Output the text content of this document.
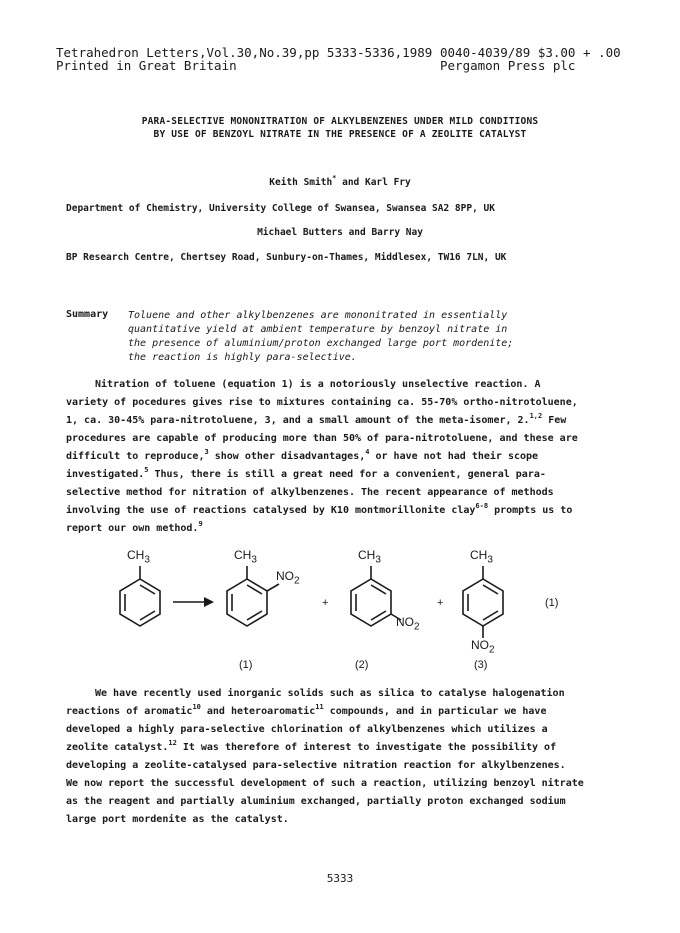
Tetrahedron Letters,Vol.30,No.39,pp 5333-5336,1989
Printed in Great Britain
0040-4039/89 $3.00 + .00
Pergamon Press plc
PARA-SELECTIVE MONONITRATION OF ALKYLBENZENES UNDER MILD CONDITIONS
BY USE OF BENZOYL NITRATE IN THE PRESENCE OF A ZEOLITE CATALYST
Keith Smith* and Karl Fry
Department of Chemistry, University College of Swansea, Swansea SA2 8PP, UK
Michael Butters and Barry Nay
BP Research Centre, Chertsey Road, Sunbury-on-Thames, Middlesex, TW16 7LN, UK
Summary Toluene and other alkylbenzenes are mononitrated in essentially
quantitative yield at ambient temperature by benzoyl nitrate in
the presence of aluminium/proton exchanged large port mordenite;
the reaction is highly para-selective.
Nitration of toluene (equation 1) is a notoriously unselective reaction. A
variety of pocedures gives rise to mixtures containing ca. 55-70% ortho-nitrotoluene,
1, ca. 30-45% para-nitrotoluene, 3, and a small amount of the meta-isomer, 2.$^{1,2}$ Few
procedures are capable of producing more than 50% of para-nitrotoluene, and these are
difficult to reproduce,$^3$ show other disadvantages,$^4$ or have not had their scope
investigated.$^5$ Thus, there is still a great need for a convenient, general para-
selective method for nitration of alkylbenzenes. The recent appearance of methods
involving the use of reactions catalysed by K10 montmorillonite clay$^{6-8}$ prompts us to
report our own method.$^9$
$CH_3$	$CH_3$
$NO_2$
$CH_3$
$NO_2$
$CH_3$
$NO_2$
+	+	(1)
(1)	(2)	(3)
We have recently used inorganic solids such as silica to catalyse halogenation
reactions of aromatic$^{10}$ and heteroaromatic$^{11}$ compounds, and in particular we have
developed a highly para-selective chlorination of alkylbenzenes which utilizes a
zeolite catalyst.$^{12}$ It was therefore of interest to investigate the possibility of
developing a zeolite-catalysed para-selective nitration reaction for alkylbenzenes.
We now report the successful development of such a reaction, utilizing benzoyl nitrate
as the reagent and partially aluminium exchanged, partially proton exchanged sodium
large port mordenite as the catalyst.
5333
